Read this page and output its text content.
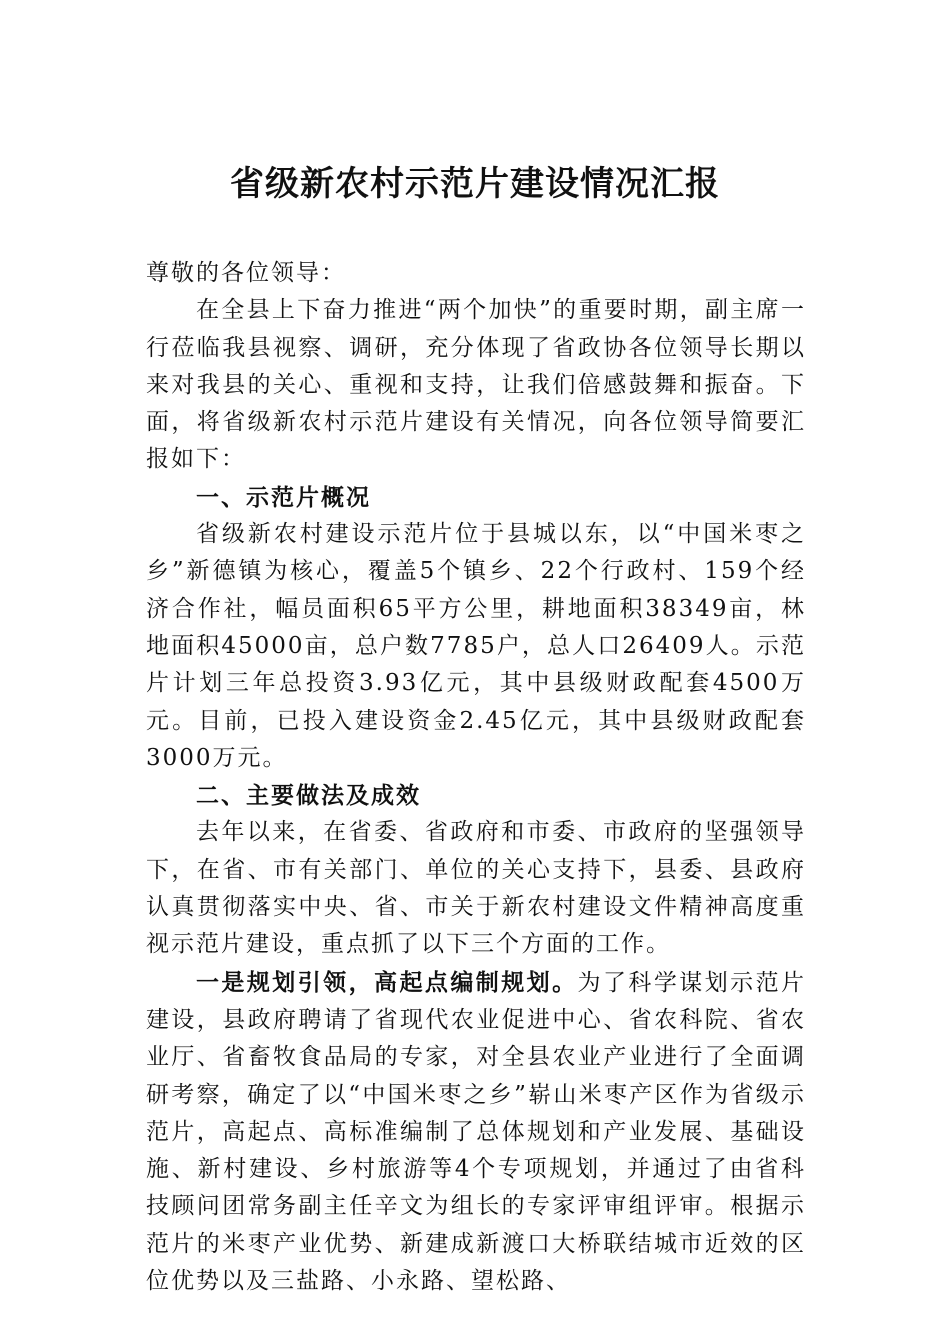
省级新农村示范片建设情况汇报

尊敬的各位领导：

在全县上下奋力推进“两个加快”的重要时期，副主席一行莅临我县视察、调研，充分体现了省政协各位领导长期以来对我县的关心、重视和支持，让我们倍感鼓舞和振奋。下面，将省级新农村示范片建设有关情况，向各位领导简要汇报如下：

一、示范片概况

省级新农村建设示范片位于县城以东，以“中国米枣之乡”新德镇为核心，覆盖5个镇乡、22个行政村、159个经济合作社，幅员面积65平方公里，耕地面积38349亩，林地面积45000亩，总户数7785户，总人口26409人。示范片计划三年总投资3.93亿元，其中县级财政配套4500万元。目前，已投入建设资金2.45亿元，其中县级财政配套3000万元。

二、主要做法及成效

去年以来，在省委、省政府和市委、市政府的坚强领导下，在省、市有关部门、单位的关心支持下，县委、县政府认真贯彻落实中央、省、市关于新农村建设文件精神高度重视示范片建设，重点抓了以下三个方面的工作。

一是规划引领，高起点编制规划。为了科学谋划示范片建设，县政府聘请了省现代农业促进中心、省农科院、省农业厅、省畜牧食品局的专家，对全县农业产业进行了全面调研考察，确定了以“中国米枣之乡”崭山米枣产区作为省级示范片，高起点、高标准编制了总体规划和产业发展、基础设施、新村建设、乡村旅游等4个专项规划，并通过了由省科技顾问团常务副主任辛文为组长的专家评审组评审。根据示范片的米枣产业优势、新建成新渡口大桥联结城市近效的区位优势以及三盐路、小永路、望松路、
